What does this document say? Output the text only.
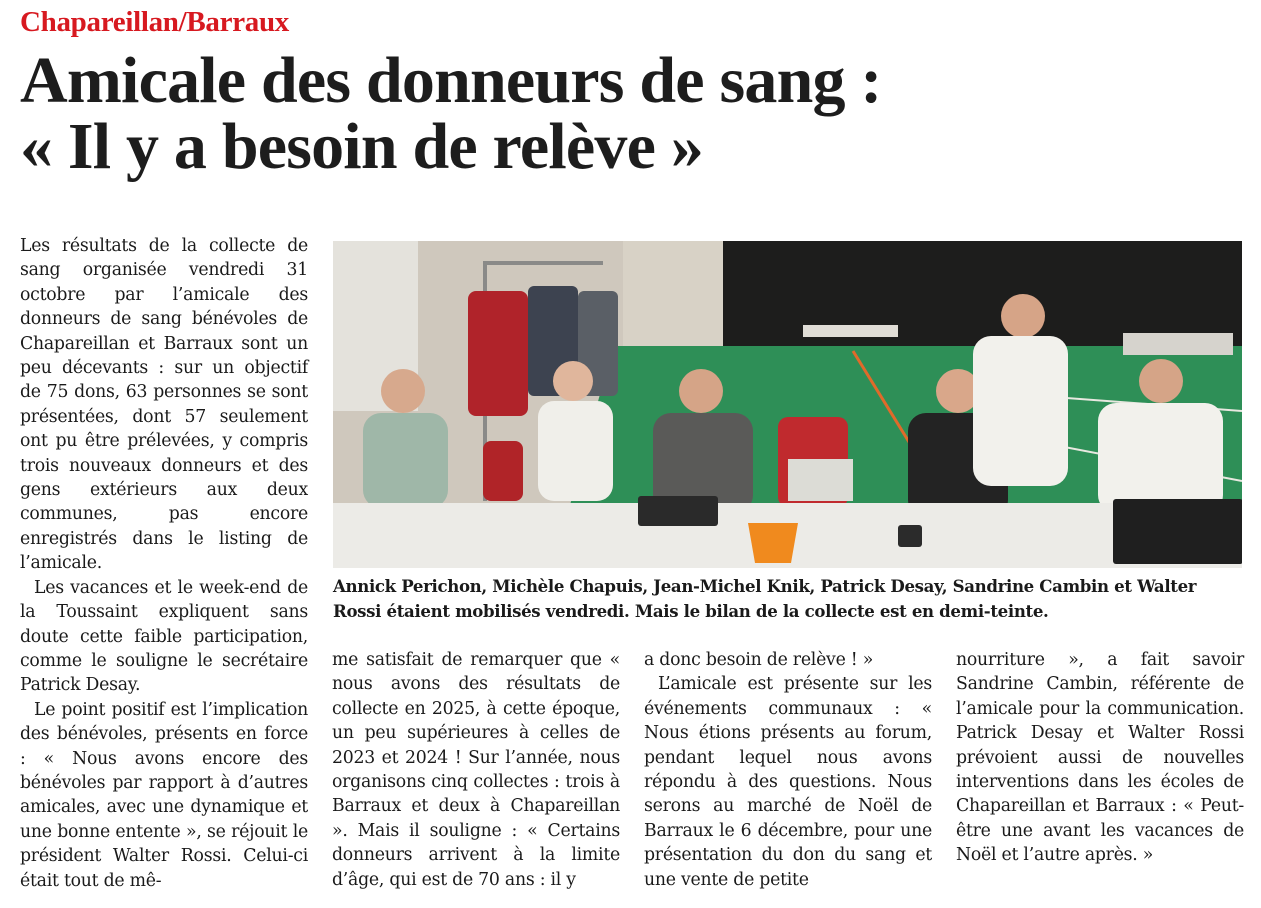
Chapareillan/Barraux
Amicale des donneurs de sang :
« Il y a besoin de relève »

Les résultats de la collecte de sang organisée vendredi 31 octobre par l’amicale des donneurs de sang bénévoles de Chapareillan et Barraux sont un peu décevants : sur un objectif de 75 dons, 63 personnes se sont présentées, dont 57 seulement ont pu être prélevées, y compris trois nouveaux donneurs et des gens extérieurs aux deux communes, pas encore enregistrés dans le listing de l’amicale.

Les vacances et le week-end de la Toussaint expliquent sans doute cette faible participation, comme le souligne le secrétaire Patrick Desay.

Le point positif est l’implication des bénévoles, présents en force : « Nous avons encore des bénévoles par rapport à d’autres amicales, avec une dynamique et une bonne entente », se réjouit le président Walter Rossi. Celui-ci était tout de mê-

Annick Perichon, Michèle Chapuis, Jean-Michel Knik, Patrick Desay, Sandrine Cambin et Walter Rossi étaient mobilisés vendredi. Mais le bilan de la collecte est en demi-teinte.

me satisfait de remarquer que « nous avons des résultats de collecte en 2025, à cette époque, un peu supérieures à celles de 2023 et 2024 ! Sur l’année, nous organisons cinq collectes : trois à Barraux et deux à Chapareillan ». Mais il souligne : « Certains donneurs arrivent à la limite d’âge, qui est de 70 ans : il y

a donc besoin de relève ! »

L’amicale est présente sur les événements communaux : « Nous étions présents au forum, pendant lequel nous avons répondu à des questions. Nous serons au marché de Noël de Barraux le 6 décembre, pour une présentation du don du sang et une vente de petite

nourriture », a fait savoir Sandrine Cambin, référente de l’amicale pour la communication. Patrick Desay et Walter Rossi prévoient aussi de nouvelles interventions dans les écoles de Chapareillan et Barraux : « Peut-être une avant les vacances de Noël et l’autre après. »
